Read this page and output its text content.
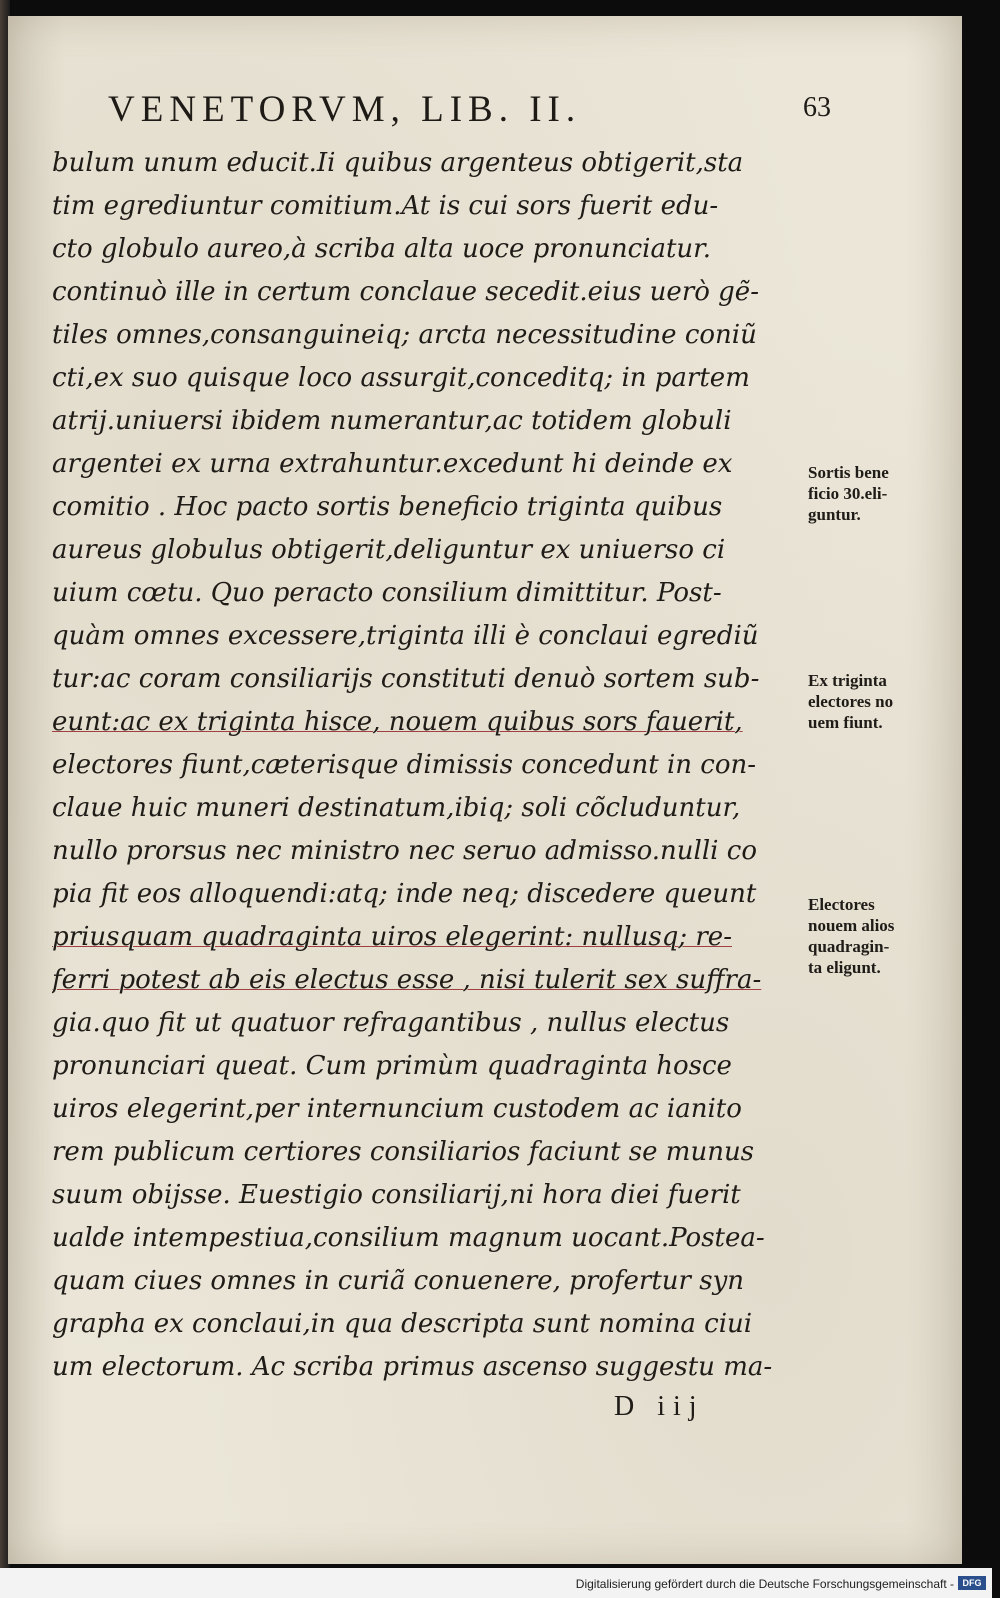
VENETORVM, LIB. II.	63
bulum unum educit.Ii quibus argenteus obtigerit,sta
tim egrediuntur comitium.At is cui sors fuerit edu-
cto globulo aureo,à scriba alta uoce pronunciatur.
continuò ille in certum conclaue secedit.eius uerò gẽ-
tiles omnes,consanguineiq; arcta necessitudine coniũ
cti,ex suo quisque loco assurgit,conceditq; in partem
atrij.uniuersi ibidem numerantur,ac totidem globuli
argentei ex urna extrahuntur.excedunt hi deinde ex
comitio . Hoc pacto sortis beneficio triginta quibus
aureus globulus obtigerit,deliguntur ex uniuerso ci
uium cœtu. Quo peracto consilium dimittitur. Post-
quàm omnes excessere,triginta illi è conclaui egrediũ
tur:ac coram consiliarijs constituti denuò sortem sub-
eunt:ac ex triginta hisce, nouem quibus sors fauerit,
electores fiunt,cæterisque dimissis concedunt in con-
claue huic muneri destinatum,ibiq; soli cõcluduntur,
nullo prorsus nec ministro nec seruo admisso.nulli co
pia fit eos alloquendi:atq; inde neq; discedere queunt
priusquam quadraginta uiros elegerint: nullusq; re-
ferri potest ab eis electus esse , nisi tulerit sex suffra-
gia.quo fit ut quatuor refragantibus , nullus electus
pronunciari queat. Cum primùm quadraginta hosce
uiros elegerint,per internuncium custodem ac ianito
rem publicum certiores consiliarios faciunt se munus
suum obijsse. Euestigio consiliarij,ni hora diei fuerit
ualde intempestiua,consilium magnum uocant.Postea-
quam ciues omnes in curiã conuenere, profertur syn
grapha ex conclaui,in qua descripta sunt nomina ciui
um electorum. Ac scriba primus ascenso suggestu ma-
Sortis bene
ficio 30.eli-
guntur.
Ex triginta
electores no
uem fiunt.
Electores
nouem alios
quadragin-
ta eligunt.
D iij
Digitalisierung gefördert durch die Deutsche Forschungsgemeinschaft - DFG
